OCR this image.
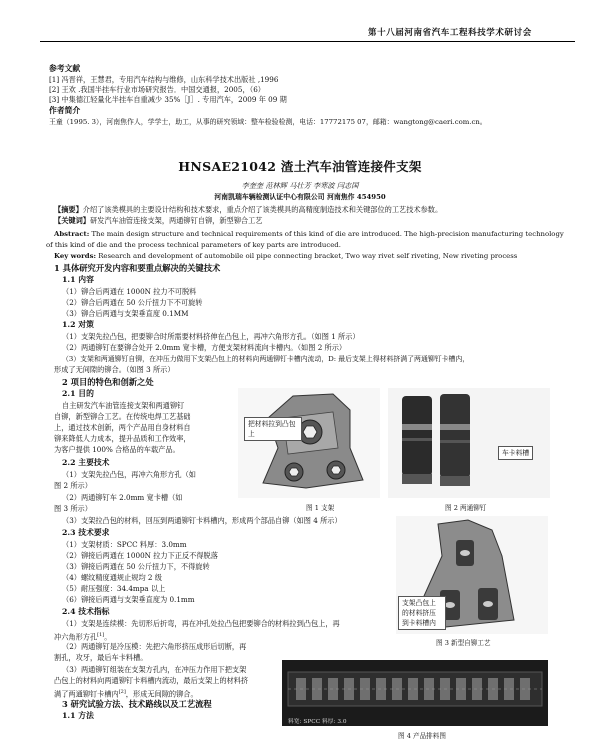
第十八届河南省汽车工程科技学术研讨会
参考文献
[1] 冯晋祥，王慧君，专用汽车结构与维修，山东科学技术出版社 ,1996
[2] 王欢 .我国半挂车行业市场研究报告．中国交通报，2005，（6）
[3] 中集德江轻量化半挂车自重减少 35%［J］. 专用汽车，2009 年 09 期
作者简介
王童（1995. 3），河南焦作人，学学士，助工，从事的研究领域：整车检验检测，电话：17772175 07，邮箱：wangtong@caeri.com.cn。
HNSAE21042 渣土汽车油管连接件支架
李奎奎 范林辉 马壮芳 李寒波 闫志国
河南凯瑞车辆检测认证中心有限公司 河南焦作 454950
【摘要】介绍了该类模具的主要设计结构和技术要求，重点介绍了该类模具的高精度制造技术和关键部位的工艺技术参数。
【关键词】研发汽车油管连接支架，两通铆钉自铆，新型铆合工艺
Abstract: The main design structure and technical requirements of this kind of die are introduced. The high-precision manufacturing technology
of this kind of die and the process technical parameters of key parts are introduced.
Key words: Research and development of automobile oil pipe connecting bracket, Two way rivet self riveting, New riveting process
1 具体研究开发内容和要重点解决的关键技术
1.1 内容
（1）铆合后两通在 1000N 拉力不可脱料
（2）铆合后两通在 50 公斤扭力下不可旋转
（3）铆合后两通与支架垂直度 0.1MM
1.2 对策
（1）支架先拉凸包，把要铆合时所需要材料挤伸在凸包上，再冲六角形方孔。（如图 1 所示）
（2）两通铆钉在要铆合处开 2.0mm 宽卡槽，方便支架材料流向卡槽内。（如图 2 所示）
（3）支架和两通铆钉自铆，在冲压力做用下支架凸包上的材料向两通铆钉卡槽内流动，D: 最后支架上得材料挤满了两通铆钉卡槽内，
形成了无间隙的铆合。（如图 3 所示）
2 项目的特色和创新之处
2.1 目的
自主研发汽车油管连接支架和两通铆钉
自铆，新型铆合工艺。在传统电焊工艺基础
上，通过技术创新，两个产品用自身材料自
铆来降低人力成本，提升品质和工作效率，
为客户提供 100% 合格品的车载产品。
2.2 主要技术
（1）支架先拉凸包，再冲六角形方孔（如
图 2 所示）
（2）两通铆钉车 2.0mm 宽卡槽（如
图 3 所示）
（3）支架拉凸包的材料，回压到两通铆钉卡料槽内，形成两个部品自铆（如图 4 所示）
2.3 技术要求
（1）支架材质：SPCC 料厚：3.0mm
（2）铆接后两通在 1000N 拉力下正反不得脱落
（3）铆接后两通在 50 公斤扭力下，不得旋转
（4）螺纹精度通规止规均 2 级
（5）耐压强度：34.4mpa 以上
（6）铆接后两通与支架垂直度为 0.1mm
2.4 技术指标
（1）支架是连续模：先切形后折弯，再在冲孔处拉凸包把要铆合的材料拉到凸包上，再
冲六角形方孔[1]。
（2）两通铆钉是冷压模：先把六角形挤压成形后切断，再
割孔，攻牙，最后车卡料槽。
（3）两通铆钉组装在支架方孔内，在冲压力作用下把支架
凸包上的材料向两通铆钉卡料槽内流动，最后支架上的材料挤
满了两通铆钉卡槽内[2]，形成无间隙的铆合。
3 研究试验方法、技术路线以及工艺流程
1.1 方法
把材料拉到凸包上
图 1 支架
车卡料槽
图 2 两通铆钉
支架凸包上的材料挤压到卡料槽内
图 3 新型自铆工艺
料宽: SPCC 料厚: 3.0
图 4 产品排料图
